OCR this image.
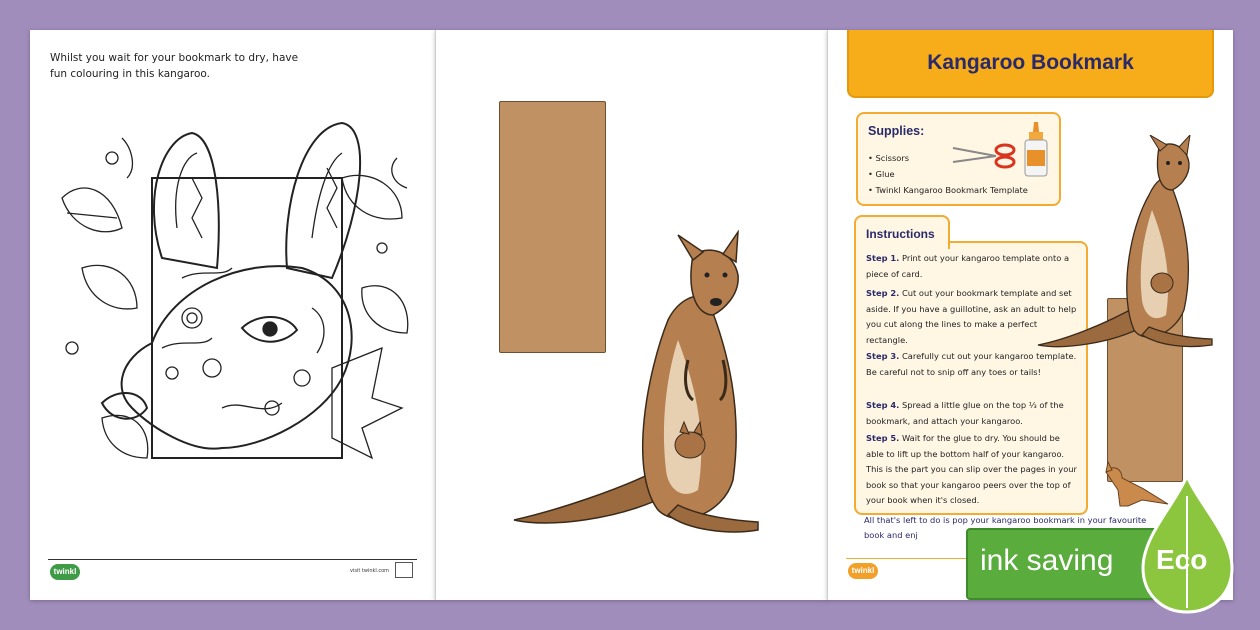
Whilst you wait for your bookmark to dry, have fun colouring in this kangaroo.
twinkl	visit twinkl.com
Kangaroo Bookmark
Supplies:
• Scissors
• Glue
• Twinkl Kangaroo Bookmark Template
Instructions
Step 1. Print out your kangaroo template onto a piece of card.
Step 2. Cut out your bookmark template and set aside. If you have a guillotine, ask an adult to help you cut along the lines to make a perfect rectangle.
Step 3. Carefully cut out your kangaroo template. Be careful not to snip off any toes or tails!
Step 4. Spread a little glue on the top ⅓ of the bookmark, and attach your kangaroo.
Step 5. Wait for the glue to dry. You should be able to lift up the bottom half of your kangaroo. This is the part you can slip over the pages in your book so that your kangaroo peers over the top of your book when it's closed.
All that's left to do is pop your kangaroo bookmark in your favourite book and enj
twinkl	ink saving Eco
